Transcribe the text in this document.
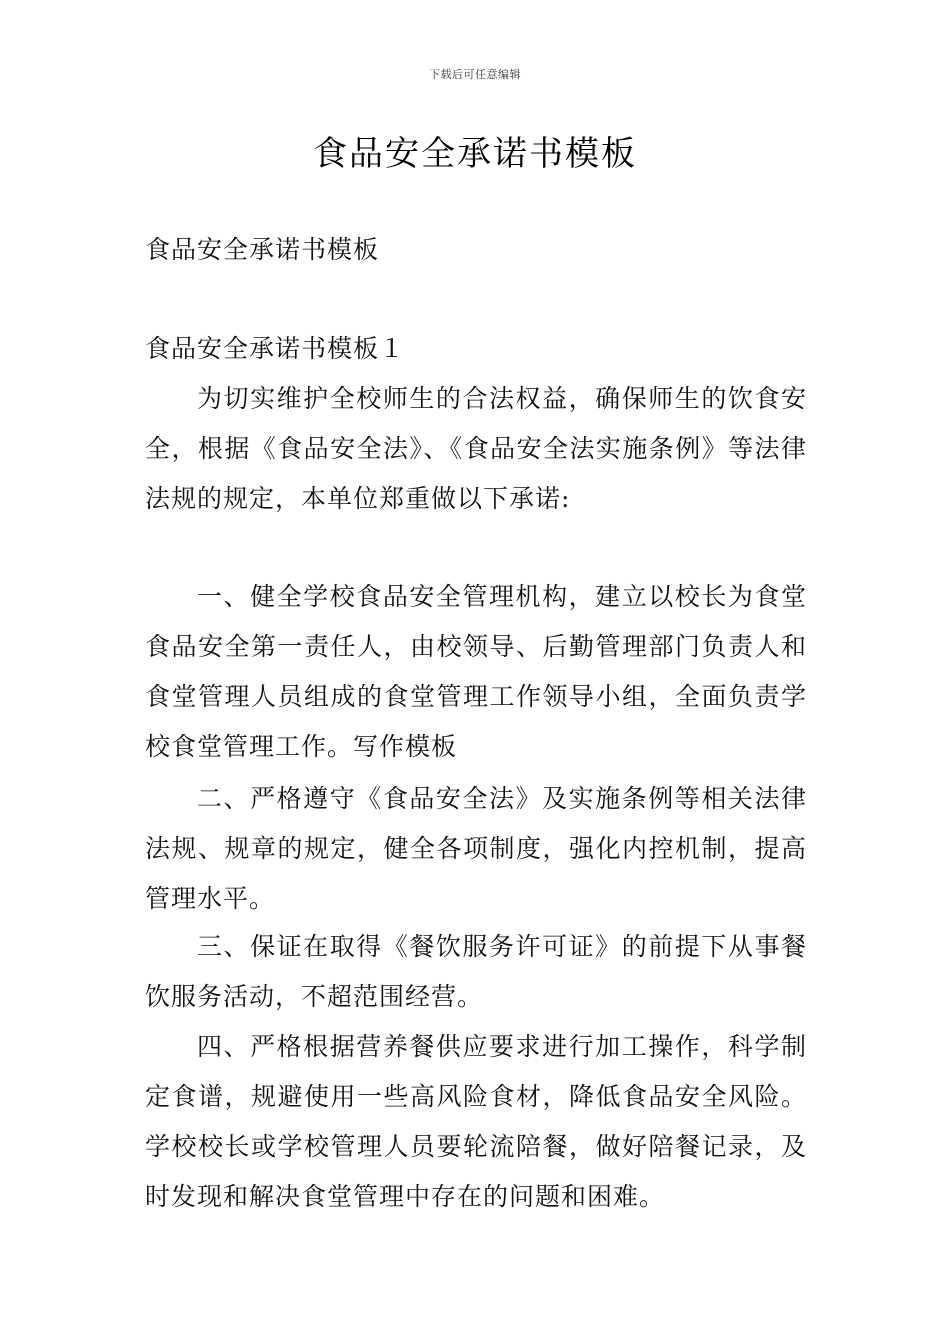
下载后可任意编辑
食品安全承诺书模板

食品安全承诺书模板

食品安全承诺书模板１

为切实维护全校师生的合法权益，确保师生的饮食安全，根据《食品安全法》、《食品安全法实施条例》等法律法规的规定，本单位郑重做以下承诺:

一、健全学校食品安全管理机构，建立以校长为食堂食品安全第一责任人，由校领导、后勤管理部门负责人和食堂管理人员组成的食堂管理工作领导小组，全面负责学校食堂管理工作。写作模板

二、严格遵守《食品安全法》及实施条例等相关法律法规、规章的规定，健全各项制度，强化内控机制，提高管理水平。

三、保证在取得《餐饮服务许可证》的前提下从事餐饮服务活动，不超范围经营。

四、严格根据营养餐供应要求进行加工操作，科学制定食谱，规避使用一些高风险食材，降低食品安全风险。学校校长或学校管理人员要轮流陪餐，做好陪餐记录，及时发现和解决食堂管理中存在的问题和困难。
